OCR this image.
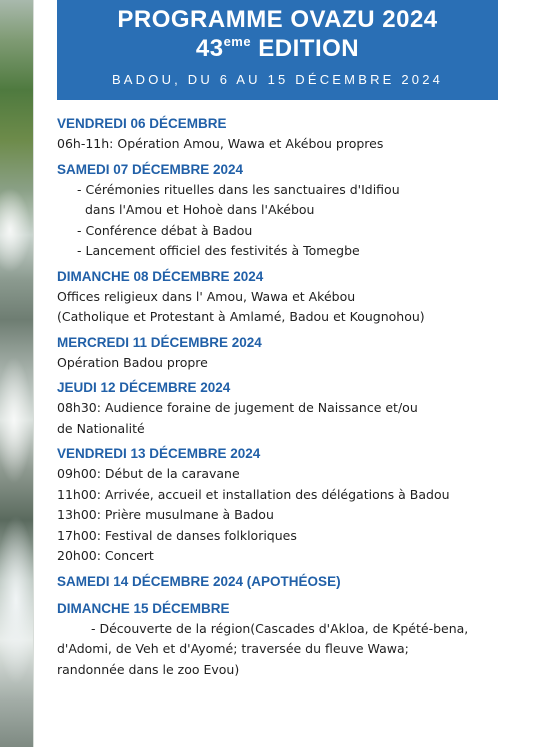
PROGRAMME OVAZU 2024
43eme EDITION
BADOU, DU 6 AU 15 DÉCEMBRE 2024
VENDREDI 06 DÉCEMBRE
06h-11h: Opération Amou, Wawa et Akébou propres
SAMEDI 07 DÉCEMBRE 2024
- Cérémonies rituelles dans les sanctuaires d'Idifiou
dans l'Amou et Hohoè dans l'Akébou
- Conférence débat à Badou
- Lancement officiel des festivités à Tomegbe
DIMANCHE 08 DÉCEMBRE 2024
Offices religieux dans l' Amou, Wawa et Akébou
(Catholique et Protestant à Amlamé, Badou et Kougnohou)
MERCREDI 11 DÉCEMBRE 2024
Opération Badou propre
JEUDI 12 DÉCEMBRE 2024
08h30: Audience foraine de jugement de Naissance et/ou
de Nationalité
VENDREDI 13 DÉCEMBRE 2024
09h00: Début de la caravane
11h00: Arrivée, accueil et installation des délégations à Badou
13h00: Prière musulmane à Badou
17h00: Festival de danses folkloriques
20h00: Concert
SAMEDI 14 DÉCEMBRE 2024 (APOTHÉOSE)
DIMANCHE 15 DÉCEMBRE
- Découverte de la région(Cascades d'Akloa, de Kpété-bena,
d'Adomi, de Veh et d'Ayomé; traversée du fleuve Wawa;
randonnée dans le zoo Evou)
